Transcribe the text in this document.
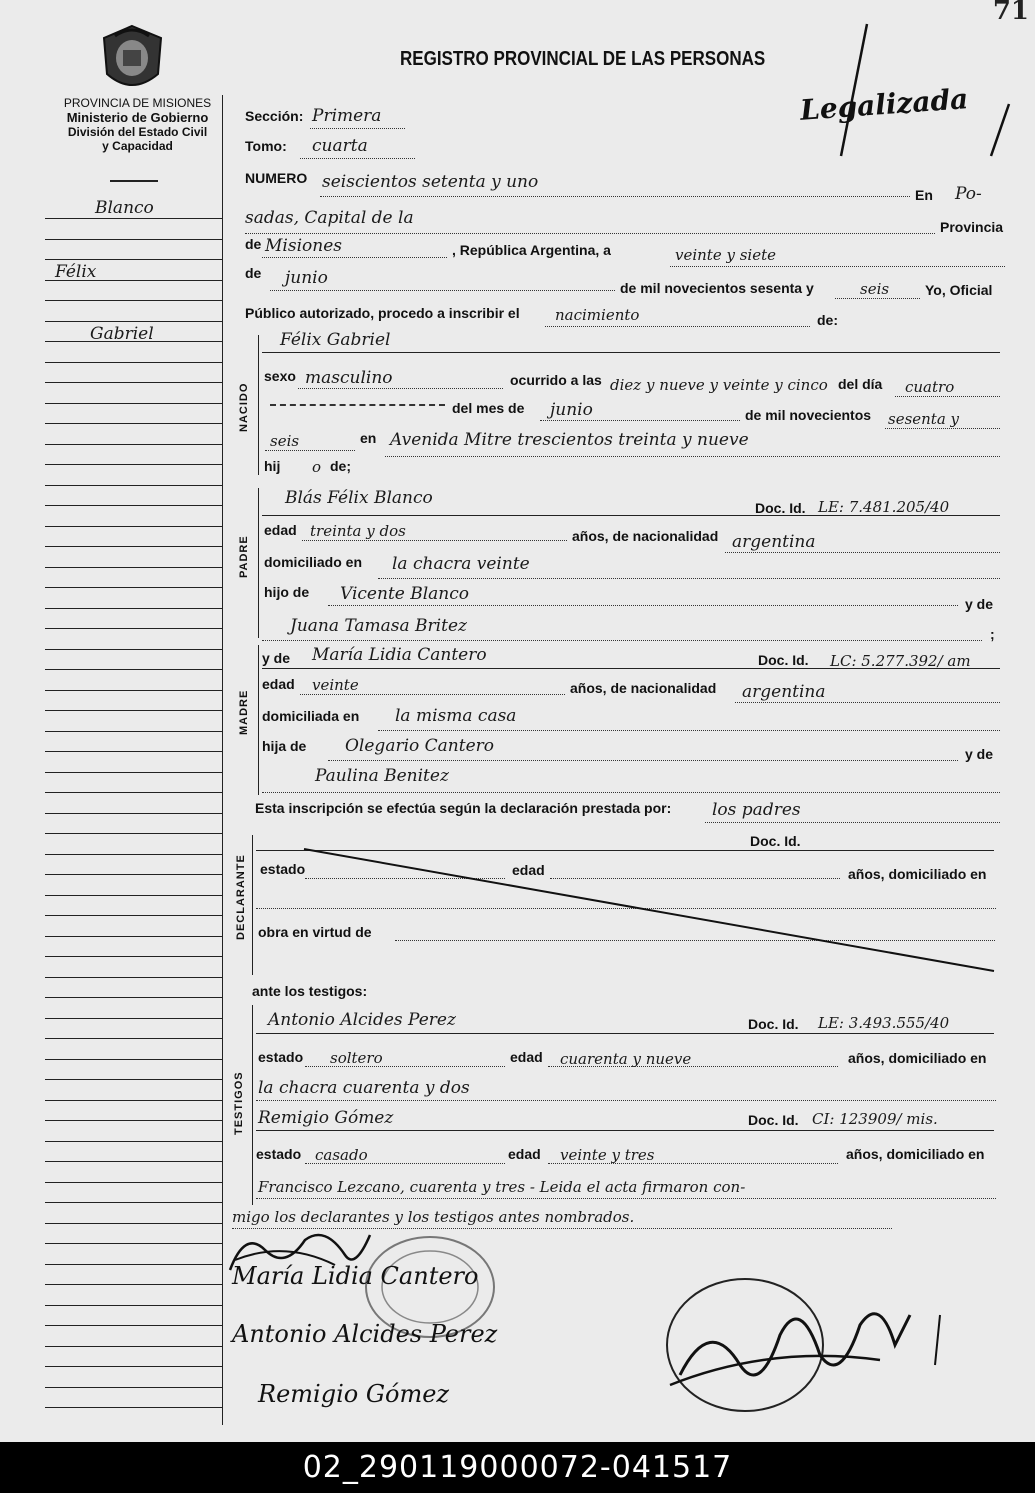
71
PROVINCIA DE MISIONES
Ministerio de Gobierno
División del Estado Civil
y Capacidad
REGISTRO PROVINCIAL DE LAS PERSONAS
Legalizada
Blanco
Félix
Gabriel
Sección: Primera
Tomo: cuarta
NUMERO seiscientos setenta y uno
En Po-
sadas, Capital de la	Provincia
de Misiones	, República Argentina, a	veinte y siete
de junio	de mil novecientos sesenta y	seis	Yo, Oficial
Público autorizado, procedo a inscribir el nacimiento	de:
NACIDO
Félix Gabriel
sexo masculino	ocurrido a las diez y nueve y veinte y cinco del día cuatro
del mes de junio	de mil novecientos sesenta y
seis	en Avenida Mitre trescientos treinta y nueve
hij o de;
PADRE
Blás Félix Blanco	Doc. Id. LE: 7.481.205/40
edad treinta y dos	años, de nacionalidad argentina
domiciliado en la chacra veinte
hijo de Vicente Blanco	y de
Juana Tamasa Britez	;
MADRE
y de María Lidia Cantero	Doc. Id. LC: 5.277.392/ am
edad veinte	años, de nacionalidad argentina
domiciliada en la misma casa
hija de Olegario Cantero	y de
Paulina Benitez
Esta inscripción se efectúa según la declaración prestada por: los padres
DECLARANTE
Doc. Id.
estado	edad	años, domiciliado en
obra en virtud de
ante los testigos:
TESTIGOS
Antonio Alcides Perez	Doc. Id. LE: 3.493.555/40
estado soltero	edad cuarenta y nueve	años, domiciliado en
la chacra cuarenta y dos
Remigio Gómez	Doc. Id. CI: 123909/ mis.
estado casado	edad veinte y tres	años, domiciliado en
Francisco Lezcano, cuarenta y tres - Leida el acta firmaron con-
migo los declarantes y los testigos antes nombrados.
María Lidia Cantero
Antonio Alcides Perez
Remigio Gómez
02_290119000072-041517
